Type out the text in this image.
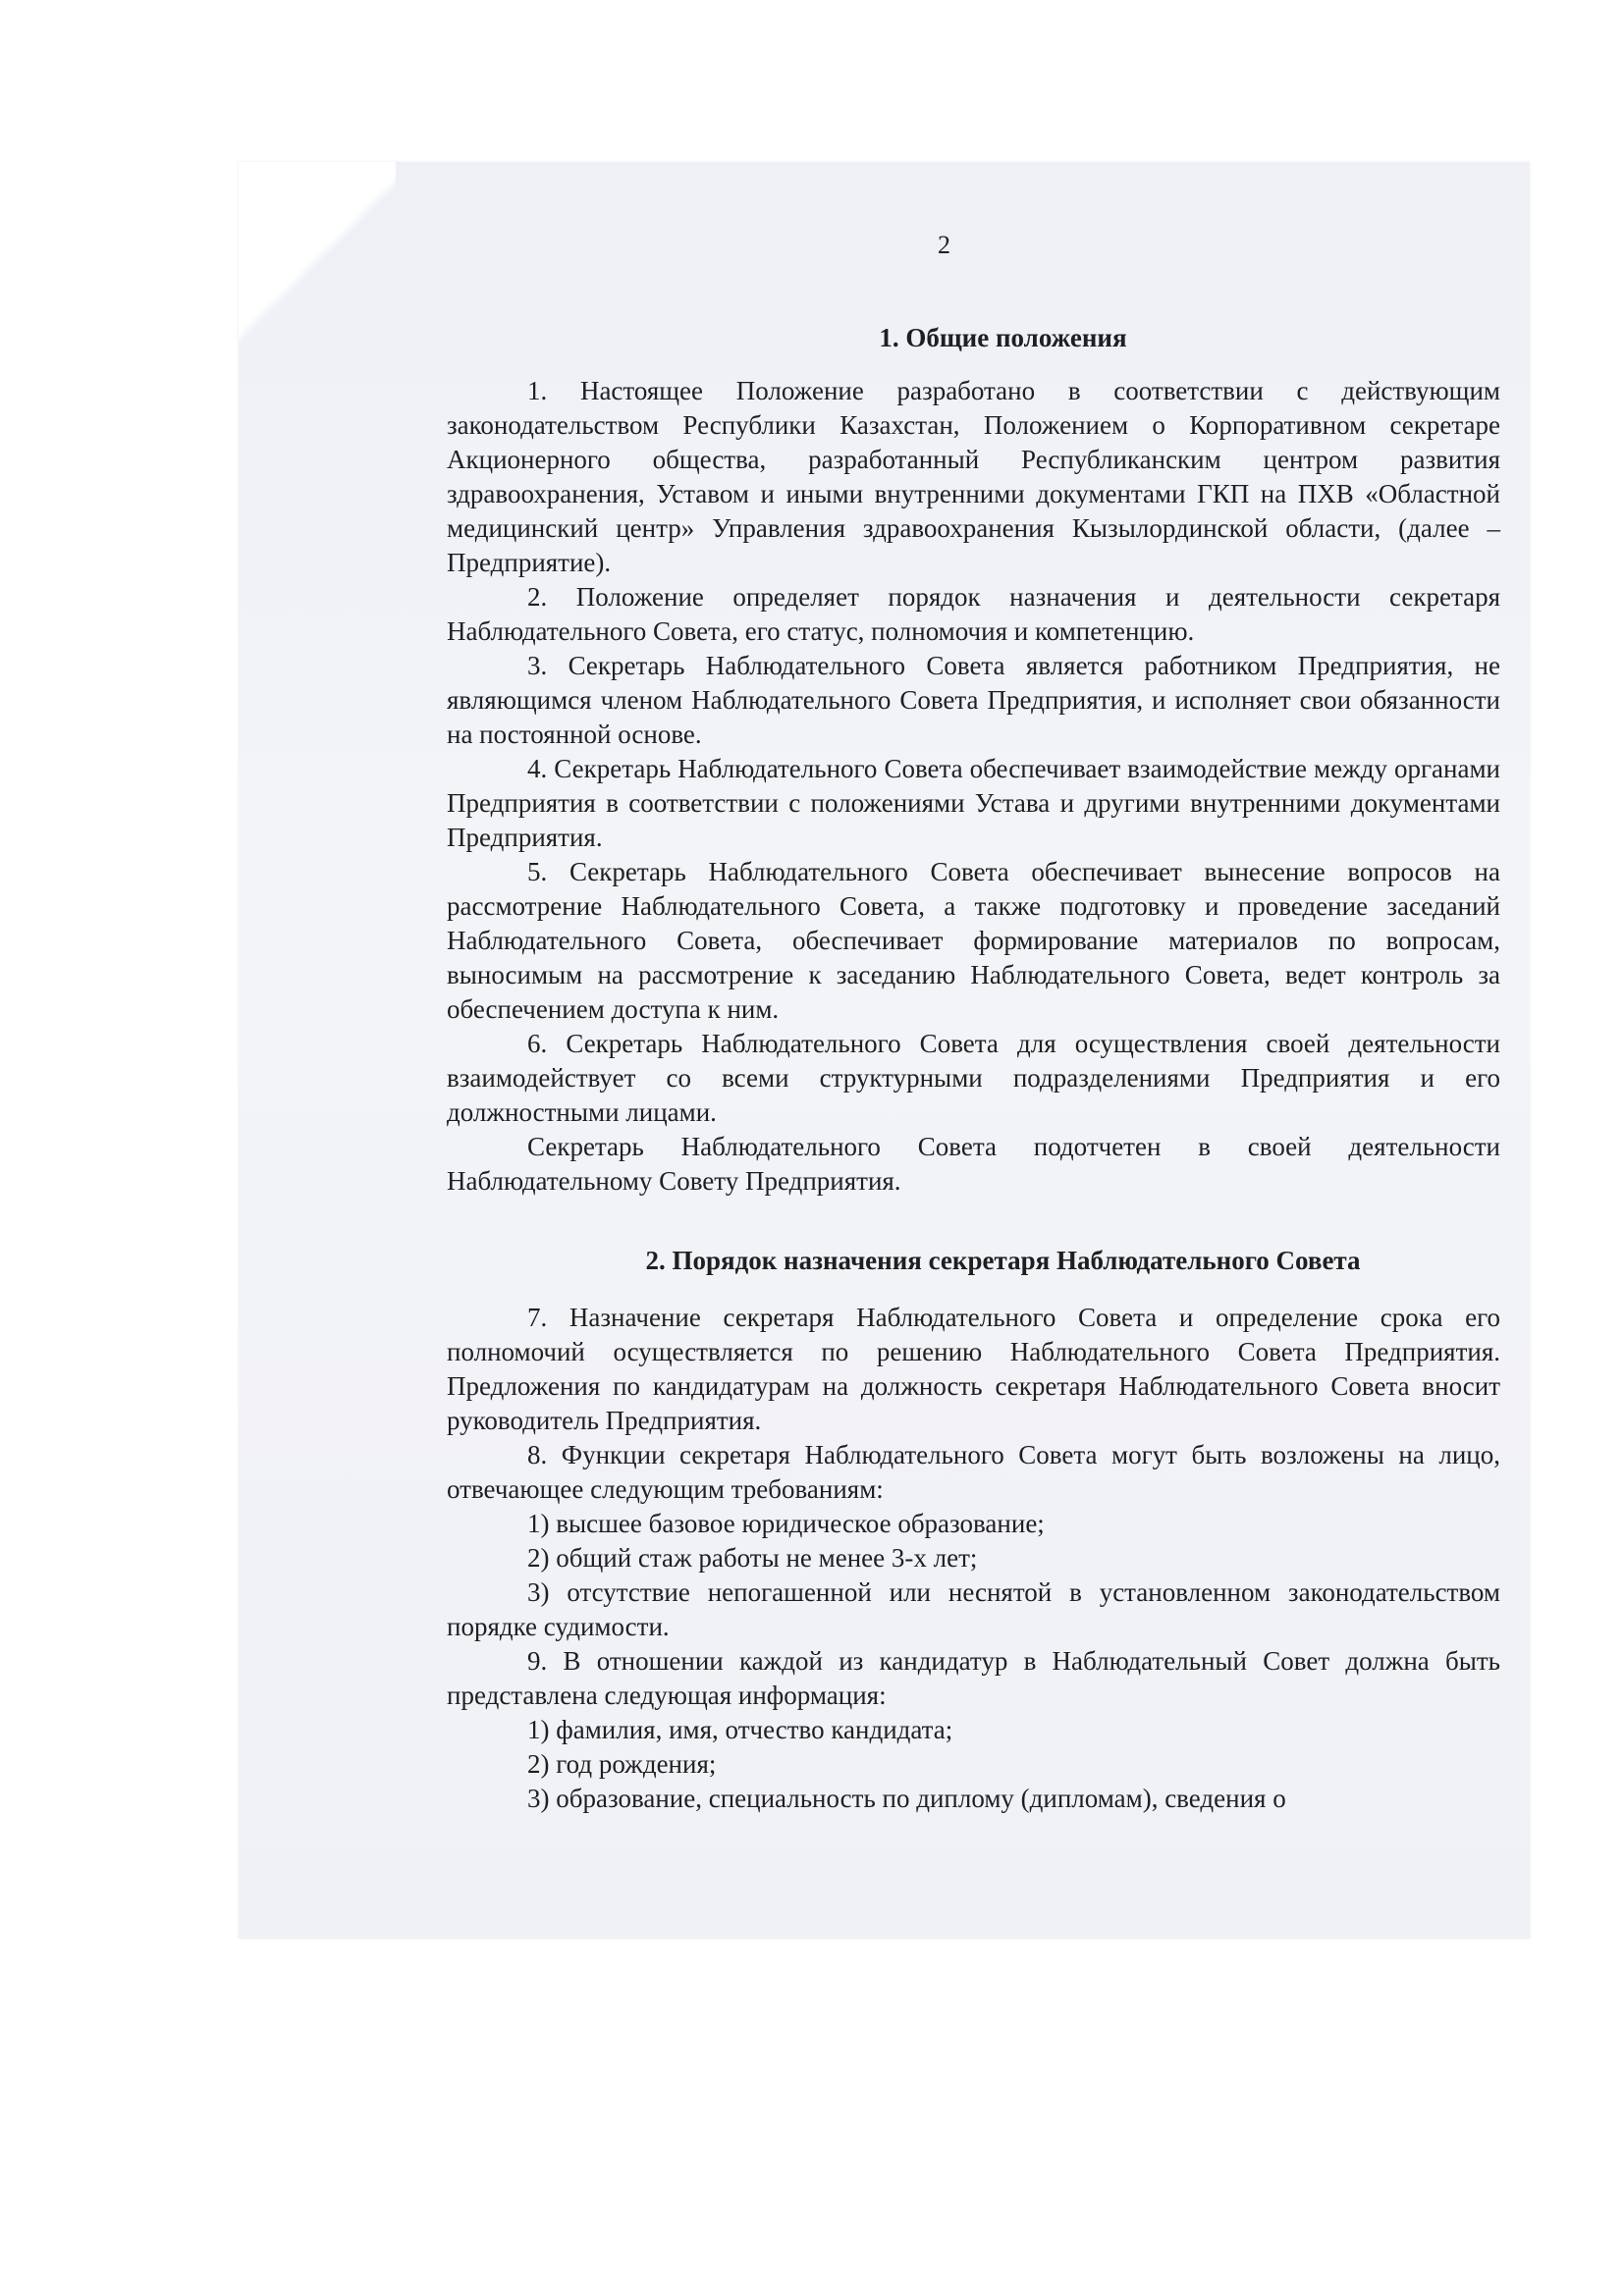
2
1. Общие положения

1. Настоящее Положение разработано в соответствии с действующим законодательством Республики Казахстан, Положением о Корпоративном секретаре Акционерного общества, разработанный Республиканским центром развития здравоохранения, Уставом и иными внутренними документами ГКП на ПХВ «Областной медицинский центр» Управления здравоохранения Кызылординской области, (далее – Предприятие).

2. Положение определяет порядок назначения и деятельности секретаря Наблюдательного Совета, его статус, полномочия и компетенцию.

3. Секретарь Наблюдательного Совета является работником Предприятия, не являющимся членом Наблюдательного Совета Предприятия, и исполняет свои обязанности на постоянной основе.

4. Секретарь Наблюдательного Совета обеспечивает взаимодействие между органами Предприятия в соответствии с положениями Устава и другими внутренними документами Предприятия.

5. Секретарь Наблюдательного Совета обеспечивает вынесение вопросов на рассмотрение Наблюдательного Совета, а также подготовку и проведение заседаний Наблюдательного Совета, обеспечивает формирование материалов по вопросам, выносимым на рассмотрение к заседанию Наблюдательного Совета, ведет контроль за обеспечением доступа к ним.

6. Секретарь Наблюдательного Совета для осуществления своей деятельности взаимодействует со всеми структурными подразделениями Предприятия и его должностными лицами.

Секретарь Наблюдательного Совета подотчетен в своей деятельности Наблюдательному Совету Предприятия.

2. Порядок назначения секретаря Наблюдательного Совета

7. Назначение секретаря Наблюдательного Совета и определение срока его полномочий осуществляется по решению Наблюдательного Совета Предприятия. Предложения по кандидатурам на должность секретаря Наблюдательного Совета вносит руководитель Предприятия.

8. Функции секретаря Наблюдательного Совета могут быть возложены на лицо, отвечающее следующим требованиям:

1) высшее базовое юридическое образование;

2) общий стаж работы не менее 3-х лет;

3) отсутствие непогашенной или неснятой в установленном законодательством порядке судимости.

9. В отношении каждой из кандидатур в Наблюдательный Совет должна быть представлена следующая информация:

1) фамилия, имя, отчество кандидата;

2) год рождения;

3) образование, специальность по диплому (дипломам), сведения о
